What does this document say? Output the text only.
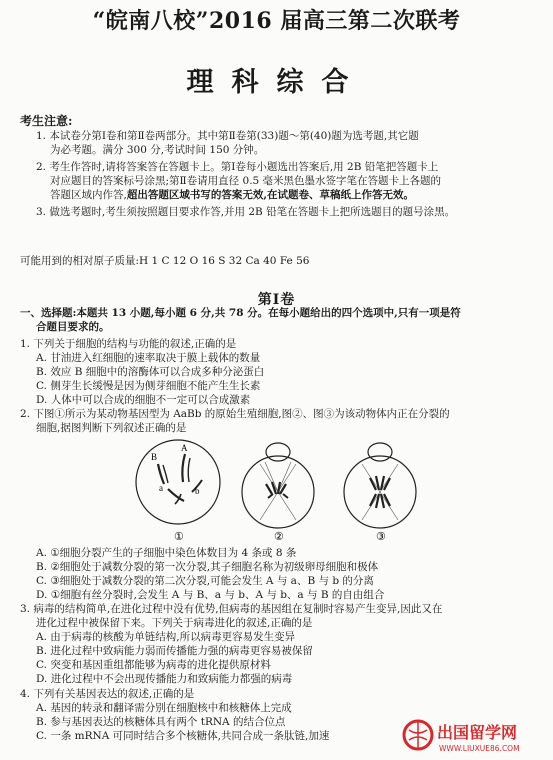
“皖南八校”2016 届高三第二次联考
理科综合
考生注意:
1. 本试卷分第Ⅰ卷和第Ⅱ卷两部分。其中第Ⅱ卷第(33)题～第(40)题为选考题,其它题
为必考题。满分 300 分,考试时间 150 分钟。
2. 考生作答时,请将答案答在答题卡上。第Ⅰ卷每小题选出答案后,用 2B 铅笔把答题卡上
对应题目的答案标号涂黑;第Ⅱ卷请用直径 0.5 毫米黑色墨水签字笔在答题卡上各题的
答题区域内作答,超出答题区域书写的答案无效,在试题卷、草稿纸上作答无效。
3. 做选考题时,考生须按照题目要求作答,并用 2B 铅笔在答题卡上把所选题目的题号涂黑。
可能用到的相对原子质量:H 1 C 12 O 16 S 32 Ca 40 Fe 56
第Ⅰ卷
一、选择题:本题共 13 小题,每小题 6 分,共 78 分。在每小题给出的四个选项中,只有一项是符
合题目要求的。
1. 下列关于细胞的结构与功能的叙述,正确的是
A. 甘油进入红细胞的速率取决于膜上载体的数量
B. 效应 B 细胞中的溶酶体可以合成多种分泌蛋白
C. 侧芽生长缓慢是因为侧芽细胞不能产生生长素
D. 人体中可以合成的细胞不一定可以合成激素
2. 下图①所示为某动物基因型为 AaBb 的原始生殖细胞,图②、图③为该动物体内正在分裂的
细胞,据图判断下列叙述正确的是
B
A
a	b
①	②	③
A. ①细胞分裂产生的子细胞中染色体数目为 4 条或 8 条
B. ②细胞处于减数分裂的第一次分裂,其子细胞名称为初级卵母细胞和极体
C. ③细胞处于减数分裂的第二次分裂,可能会发生 A 与 a、B 与 b 的分离
D. ①细胞有丝分裂时,会发生 A 与 B、a 与 b、A 与 b、a 与 B 的自由组合
3. 病毒的结构简单,在进化过程中没有优势,但病毒的基因组在复制时容易产生变异,因此又在
进化过程中被保留下来。下列关于病毒进化的叙述,正确的是
A. 由于病毒的核酸为单链结构,所以病毒更容易发生变异
B. 进化过程中致病能力弱而传播能力强的病毒更容易被保留
C. 突变和基因重组都能够为病毒的进化提供原材料
D. 进化过程中不会出现传播能力和致病能力都强的病毒
4. 下列有关基因表达的叙述,正确的是
A. 基因的转录和翻译需分别在细胞核中和核糖体上完成
B. 参与基因表达的核糖体具有两个 tRNA 的结合位点
C. 一条 mRNA 可同时结合多个核糖体,共同合成一条肽链,加速	出国留学网
WWW.LIUXUE86.COM
